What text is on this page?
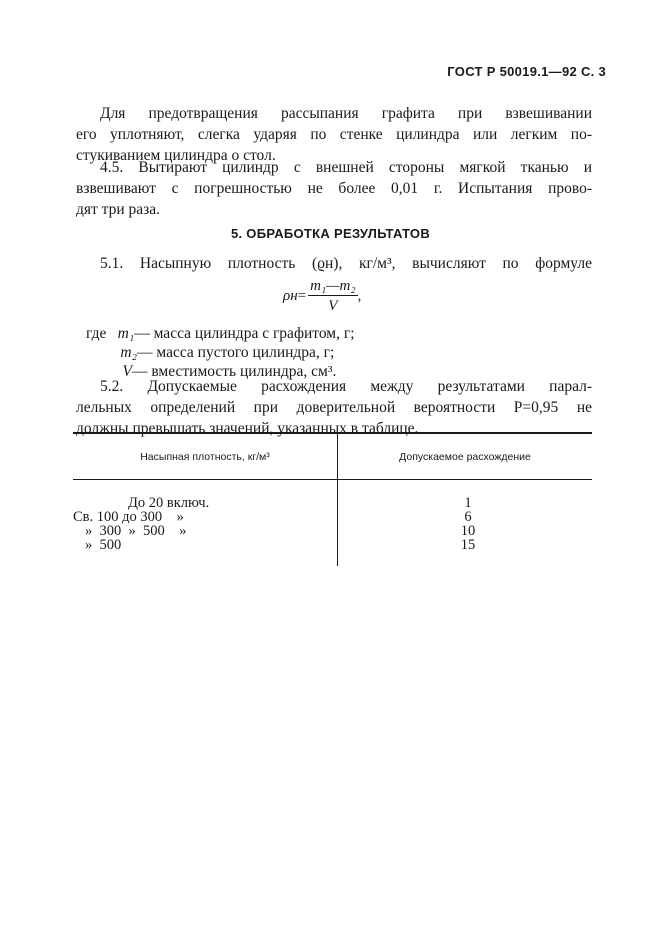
ГОСТ Р 50019.1—92 С. 3
Для предотвращения рассыпания графита при взвешивании
его уплотняют, слегка ударяя по стенке цилиндра или легким по-
стукиванием цилиндра о стол.
4.5. Вытирают цилиндр с внешней стороны мягкой тканью и
взвешивают с погрешностью не более 0,01 г. Испытания прово-
дят три раза.
5. ОБРАБОТКА РЕЗУЛЬТАТОВ
5.1. Насыпную плотность (ϱн), кг/м³, вычисляют по формуле
$\rho н = \frac{\text{m₁—m₂}}{V}$ ,
где m₁— масса цилиндра с графитом, г;
m₂— масса пустого цилиндра, г;
V— вместимость цилиндра, см³.
5.2. Допускаемые расхождения между результатами парал-
лельных определений при доверительной вероятности P=0,95 не
должны превышать значений, указанных в таблице.
Насыпная плотность, кг/м³	Допускаемое расхождение
До 20 включ.	1
Св. 100 до 300    »	6
»  300  »  500    »	10
»  500	15
